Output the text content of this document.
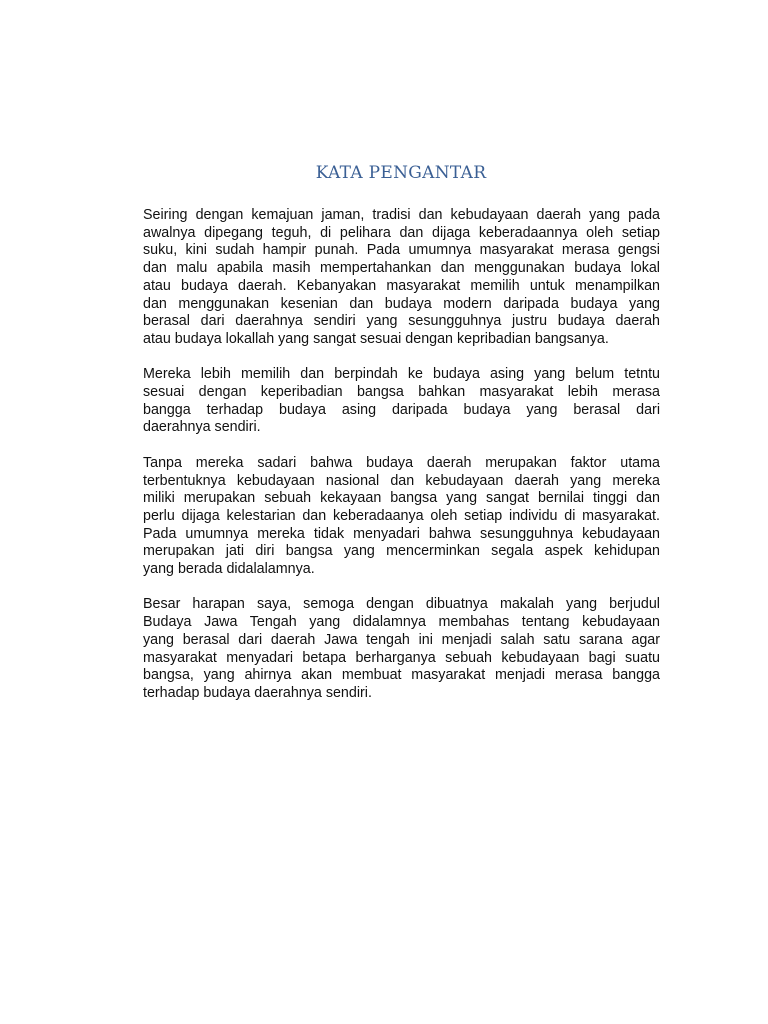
KATA PENGANTAR

Seiring dengan kemajuan jaman, tradisi dan kebudayaan daerah yang pada
awalnya dipegang teguh, di pelihara dan dijaga keberadaannya oleh setiap
suku, kini sudah hampir punah. Pada umumnya masyarakat merasa gengsi
dan malu apabila masih mempertahankan dan menggunakan budaya lokal
atau budaya daerah. Kebanyakan masyarakat memilih untuk menampilkan
dan menggunakan kesenian dan budaya modern daripada budaya yang
berasal dari daerahnya sendiri yang sesungguhnya justru budaya daerah
atau budaya lokallah yang sangat sesuai dengan kepribadian bangsanya.

Mereka lebih memilih dan berpindah ke budaya asing yang belum tetntu
sesuai dengan keperibadian bangsa bahkan masyarakat lebih merasa
bangga terhadap budaya asing daripada budaya yang berasal dari
daerahnya sendiri.

Tanpa mereka sadari bahwa budaya daerah merupakan faktor utama
terbentuknya kebudayaan nasional dan kebudayaan daerah yang mereka
miliki merupakan sebuah kekayaan bangsa yang sangat bernilai tinggi dan
perlu dijaga kelestarian dan keberadaanya oleh setiap individu di masyarakat.
Pada umumnya mereka tidak menyadari bahwa sesungguhnya kebudayaan
merupakan jati diri bangsa yang mencerminkan segala aspek kehidupan
yang berada didalalamnya.

Besar harapan saya, semoga dengan dibuatnya makalah yang berjudul
Budaya Jawa Tengah yang didalamnya membahas tentang kebudayaan
yang berasal dari daerah Jawa tengah ini menjadi salah satu sarana agar
masyarakat menyadari betapa berharganya sebuah kebudayaan bagi suatu
bangsa, yang ahirnya akan membuat masyarakat menjadi merasa bangga
terhadap budaya daerahnya sendiri.
